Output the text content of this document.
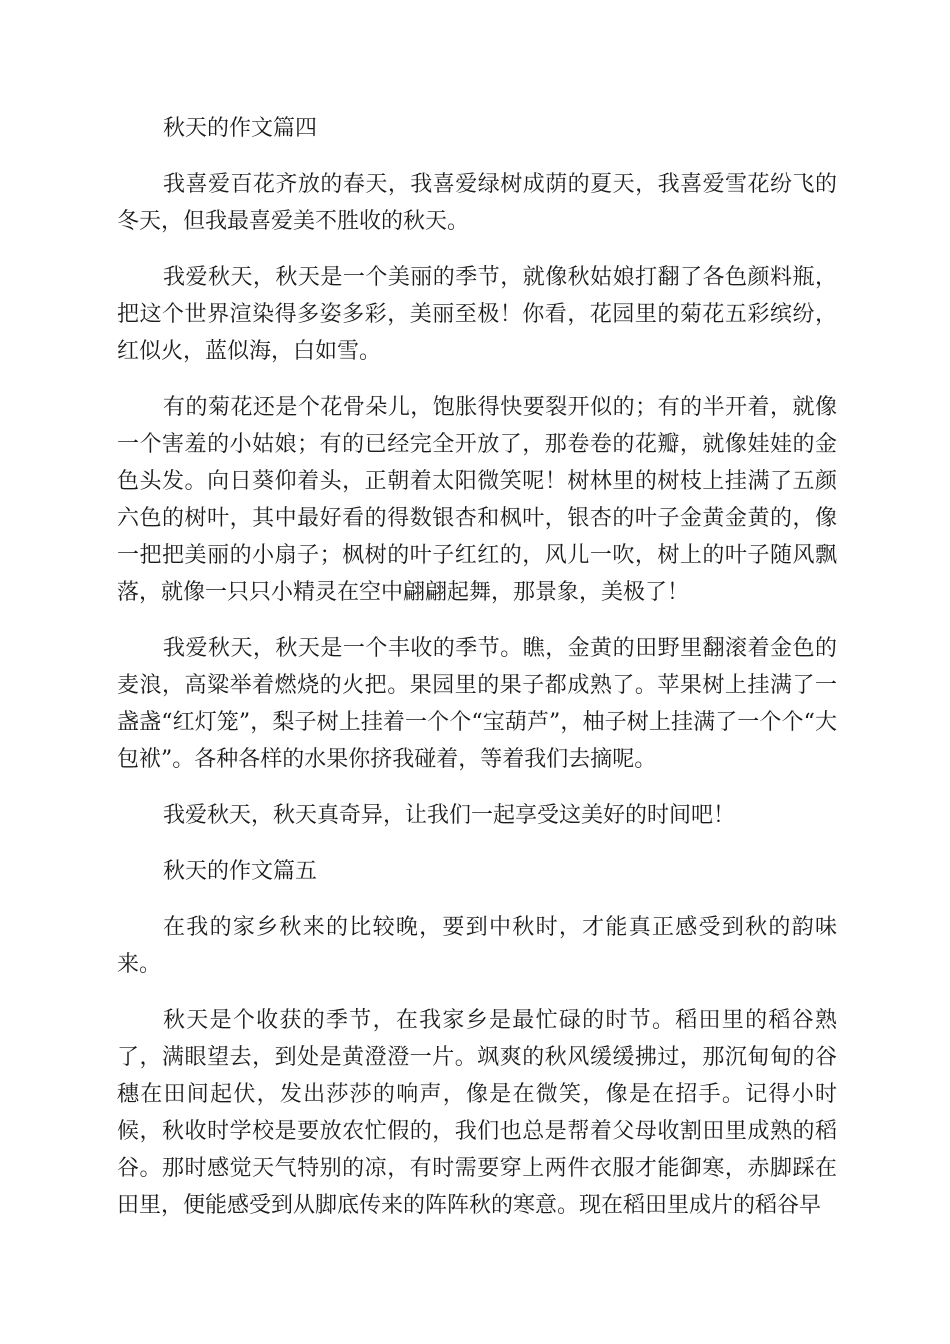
秋天的作文篇四

我喜爱百花齐放的春天，我喜爱绿树成荫的夏天，我喜爱雪花纷飞的冬天，但我最喜爱美不胜收的秋天。

我爱秋天，秋天是一个美丽的季节，就像秋姑娘打翻了各色颜料瓶，把这个世界渲染得多姿多彩，美丽至极！你看，花园里的菊花五彩缤纷，红似火，蓝似海，白如雪。

有的菊花还是个花骨朵儿，饱胀得快要裂开似的；有的半开着，就像一个害羞的小姑娘；有的已经完全开放了，那卷卷的花瓣，就像娃娃的金色头发。向日葵仰着头，正朝着太阳微笑呢！树林里的树枝上挂满了五颜六色的树叶，其中最好看的得数银杏和枫叶，银杏的叶子金黄金黄的，像一把把美丽的小扇子；枫树的叶子红红的，风儿一吹，树上的叶子随风飘落，就像一只只小精灵在空中翩翩起舞，那景象，美极了！

我爱秋天，秋天是一个丰收的季节。瞧，金黄的田野里翻滚着金色的麦浪，高粱举着燃烧的火把。果园里的果子都成熟了。苹果树上挂满了一盏盏“红灯笼”，梨子树上挂着一个个“宝葫芦”，柚子树上挂满了一个个“大包袱”。各种各样的水果你挤我碰着，等着我们去摘呢。

我爱秋天，秋天真奇异，让我们一起享受这美好的时间吧！

秋天的作文篇五

在我的家乡秋来的比较晚，要到中秋时，才能真正感受到秋的韵味来。

秋天是个收获的季节，在我家乡是最忙碌的时节。稻田里的稻谷熟了，满眼望去，到处是黄澄澄一片。飒爽的秋风缓缓拂过，那沉甸甸的谷穗在田间起伏，发出莎莎的响声，像是在微笑，像是在招手。记得小时候，秋收时学校是要放农忙假的，我们也总是帮着父母收割田里成熟的稻谷。那时感觉天气特别的凉，有时需要穿上两件衣服才能御寒，赤脚踩在田里，便能感受到从脚底传来的阵阵秋的寒意。现在稻田里成片的稻谷早
